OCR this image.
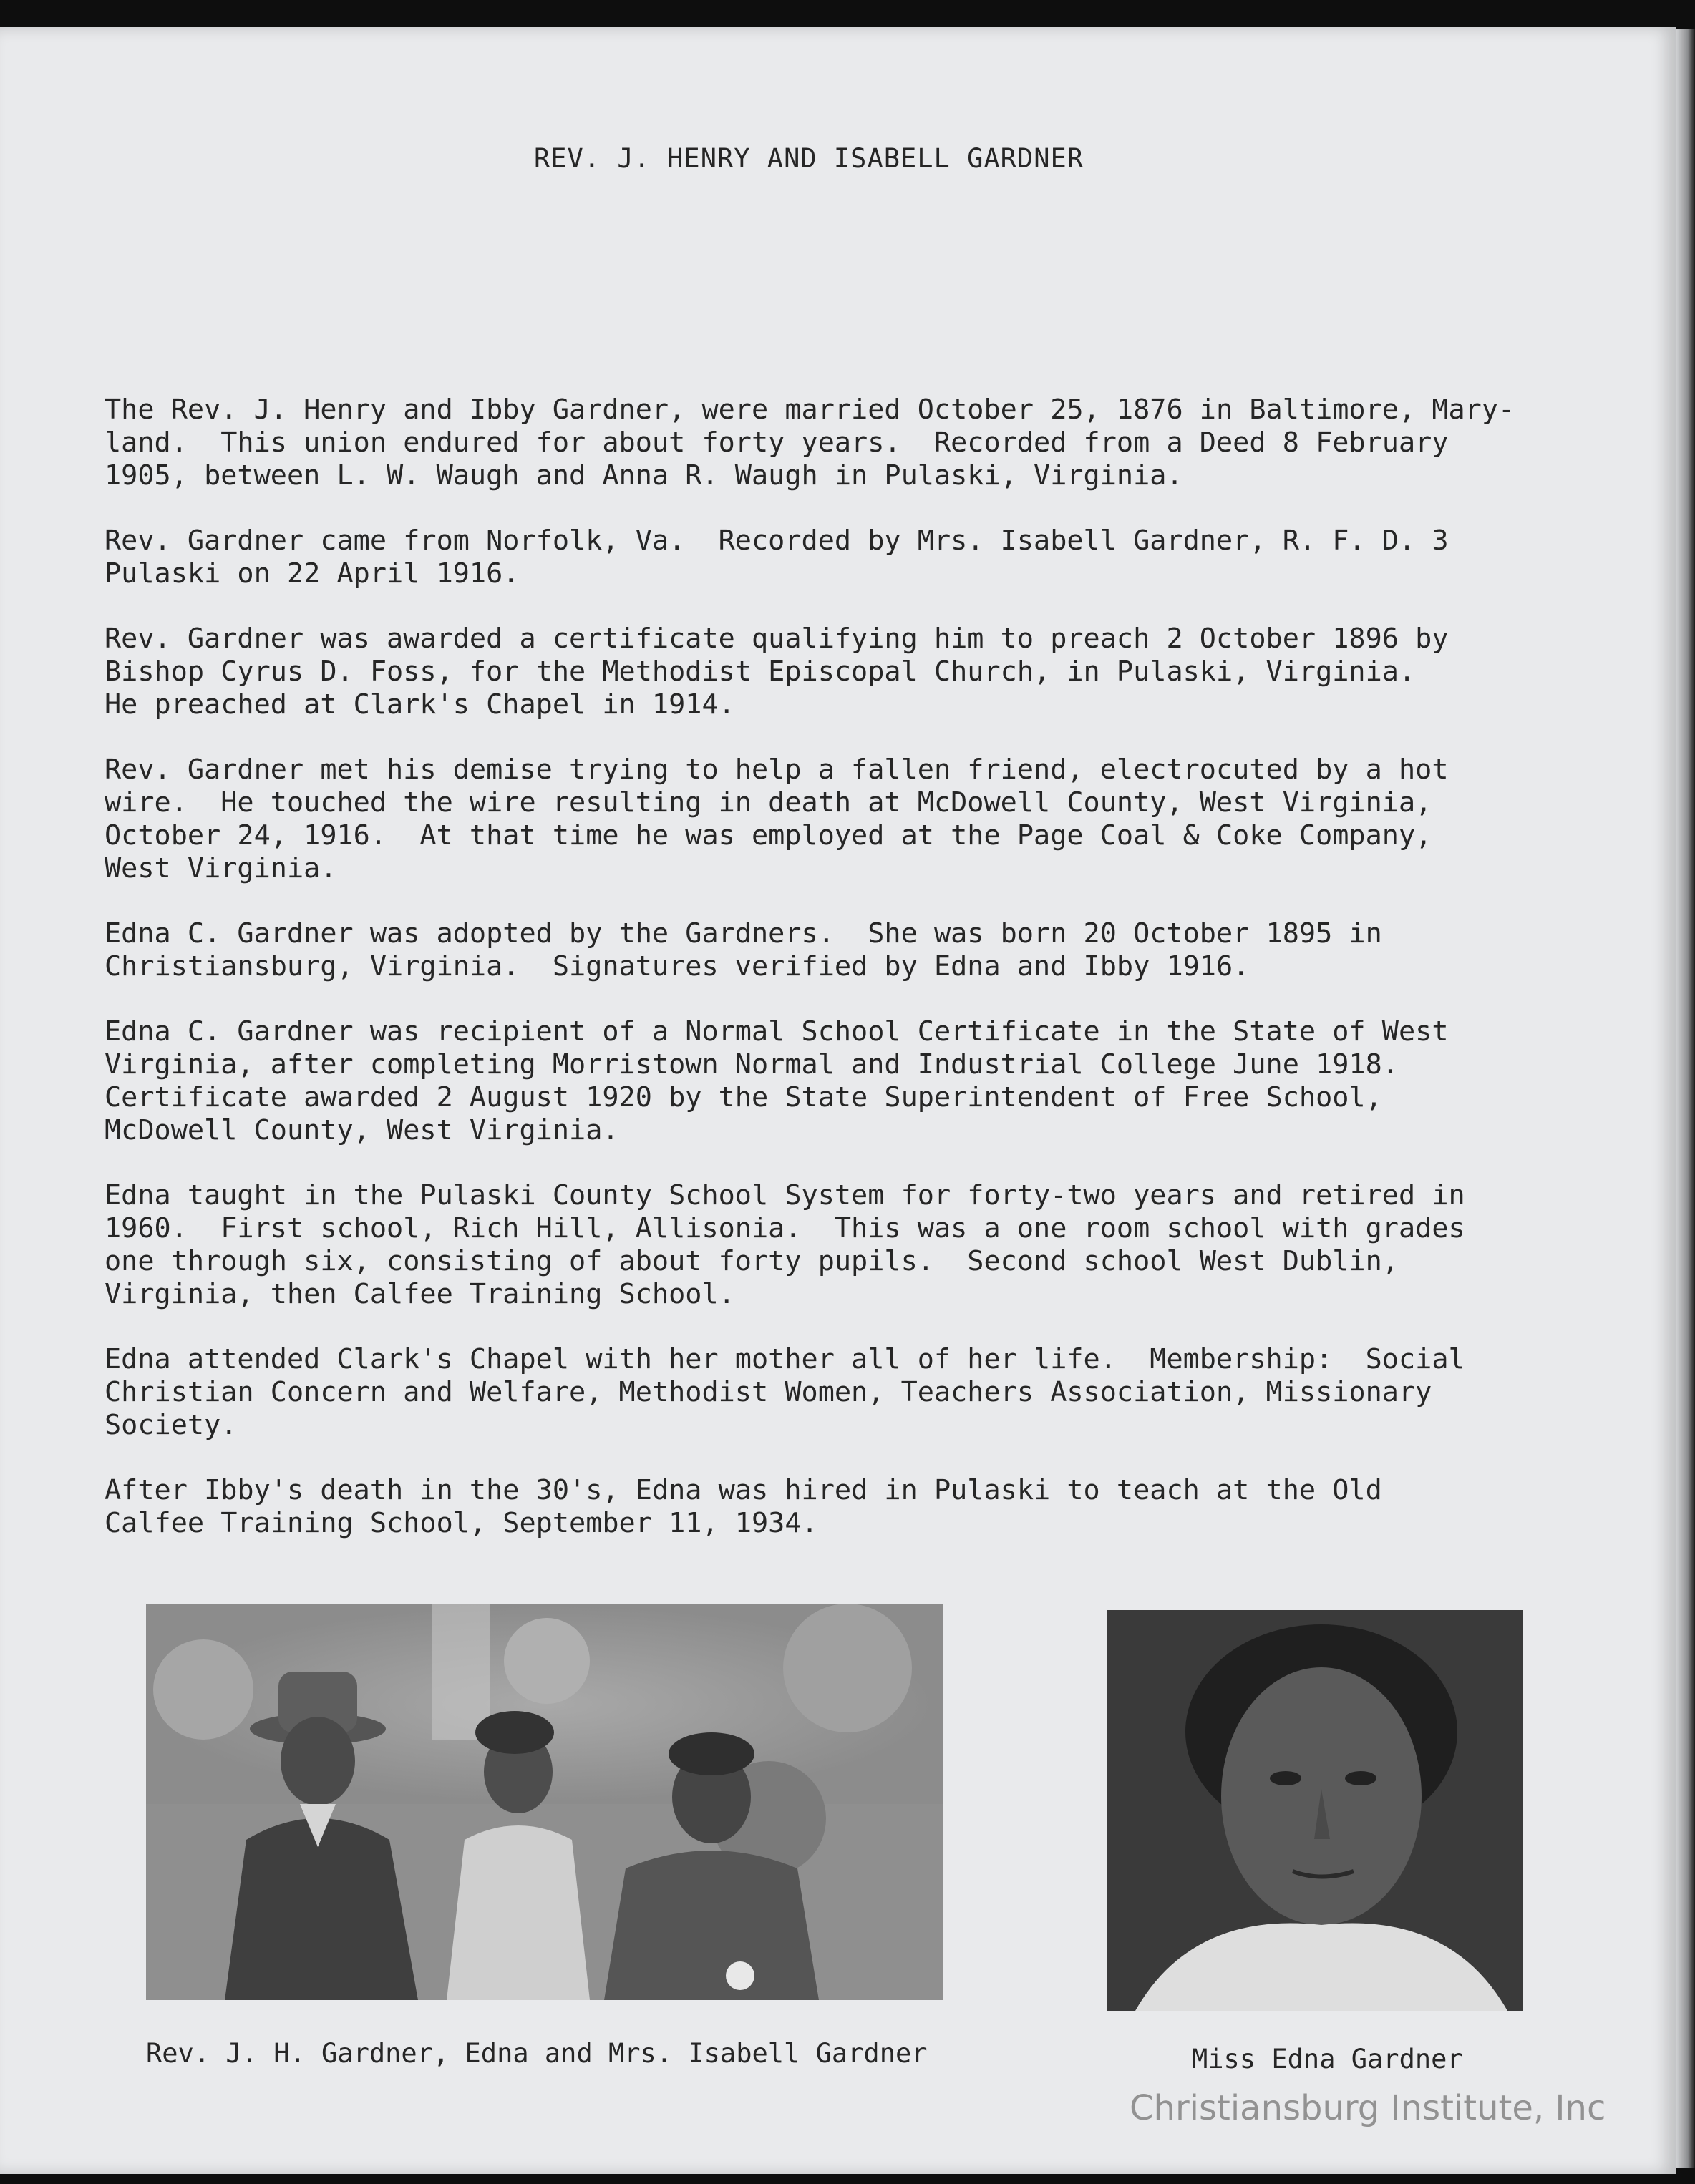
REV. J. HENRY AND ISABELL GARDNER

The Rev. J. Henry and Ibby Gardner, were married October 25, 1876 in Baltimore, Mary-
land.  This union endured for about forty years.  Recorded from a Deed 8 February
1905, between L. W. Waugh and Anna R. Waugh in Pulaski, Virginia.

Rev. Gardner came from Norfolk, Va.  Recorded by Mrs. Isabell Gardner, R. F. D. 3
Pulaski on 22 April 1916.

Rev. Gardner was awarded a certificate qualifying him to preach 2 October 1896 by
Bishop Cyrus D. Foss, for the Methodist Episcopal Church, in Pulaski, Virginia.
He preached at Clark's Chapel in 1914.

Rev. Gardner met his demise trying to help a fallen friend, electrocuted by a hot
wire.  He touched the wire resulting in death at McDowell County, West Virginia,
October 24, 1916.  At that time he was employed at the Page Coal & Coke Company,
West Virginia.

Edna C. Gardner was adopted by the Gardners.  She was born 20 October 1895 in
Christiansburg, Virginia.  Signatures verified by Edna and Ibby 1916.

Edna C. Gardner was recipient of a Normal School Certificate in the State of West
Virginia, after completing Morristown Normal and Industrial College June 1918.
Certificate awarded 2 August 1920 by the State Superintendent of Free School,
McDowell County, West Virginia.

Edna taught in the Pulaski County School System for forty-two years and retired in
1960.  First school, Rich Hill, Allisonia.  This was a one room school with grades
one through six, consisting of about forty pupils.  Second school West Dublin,
Virginia, then Calfee Training School.

Edna attended Clark's Chapel with her mother all of her life.  Membership:  Social
Christian Concern and Welfare, Methodist Women, Teachers Association, Missionary
Society.

After Ibby's death in the 30's, Edna was hired in Pulaski to teach at the Old
Calfee Training School, September 11, 1934.

Rev. J. H. Gardner, Edna and Mrs. Isabell Gardner	Miss Edna Gardner
Christiansburg Institute, Inc
